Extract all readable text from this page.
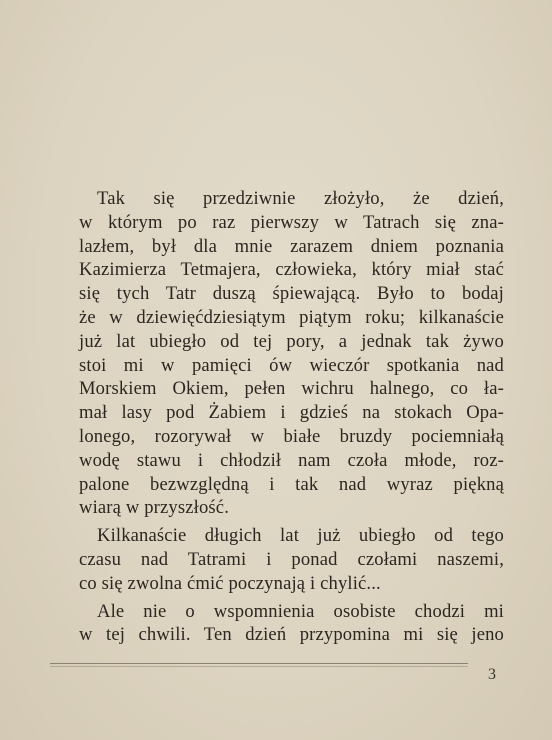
Tak się przedziwnie złożyło, że dzień,
w którym po raz pierwszy w Tatrach się zna-
lazłem, był dla mnie zarazem dniem poznania
Kazimierza Tetmajera, człowieka, który miał stać
się tych Tatr duszą śpiewającą. Było to bodaj
że w dziewięćdziesiątym piątym roku; kilkanaście
już lat ubiegło od tej pory, a jednak tak żywo
stoi mi w pamięci ów wieczór spotkania nad
Morskiem Okiem, pełen wichru halnego, co ła-
mał lasy pod Żabiem i gdzieś na stokach Opa-
lonego, rozorywał w białe bruzdy pociemniałą
wodę stawu i chłodził nam czoła młode, roz-
palone bezwzględną i tak nad wyraz piękną
wiarą w przyszłość.
Kilkanaście długich lat już ubiegło od tego
czasu nad Tatrami i ponad czołami naszemi,
co się zwolna ćmić poczynają i chylić...
Ale nie o wspomnienia osobiste chodzi mi
w tej chwili. Ten dzień przypomina mi się jeno
3
